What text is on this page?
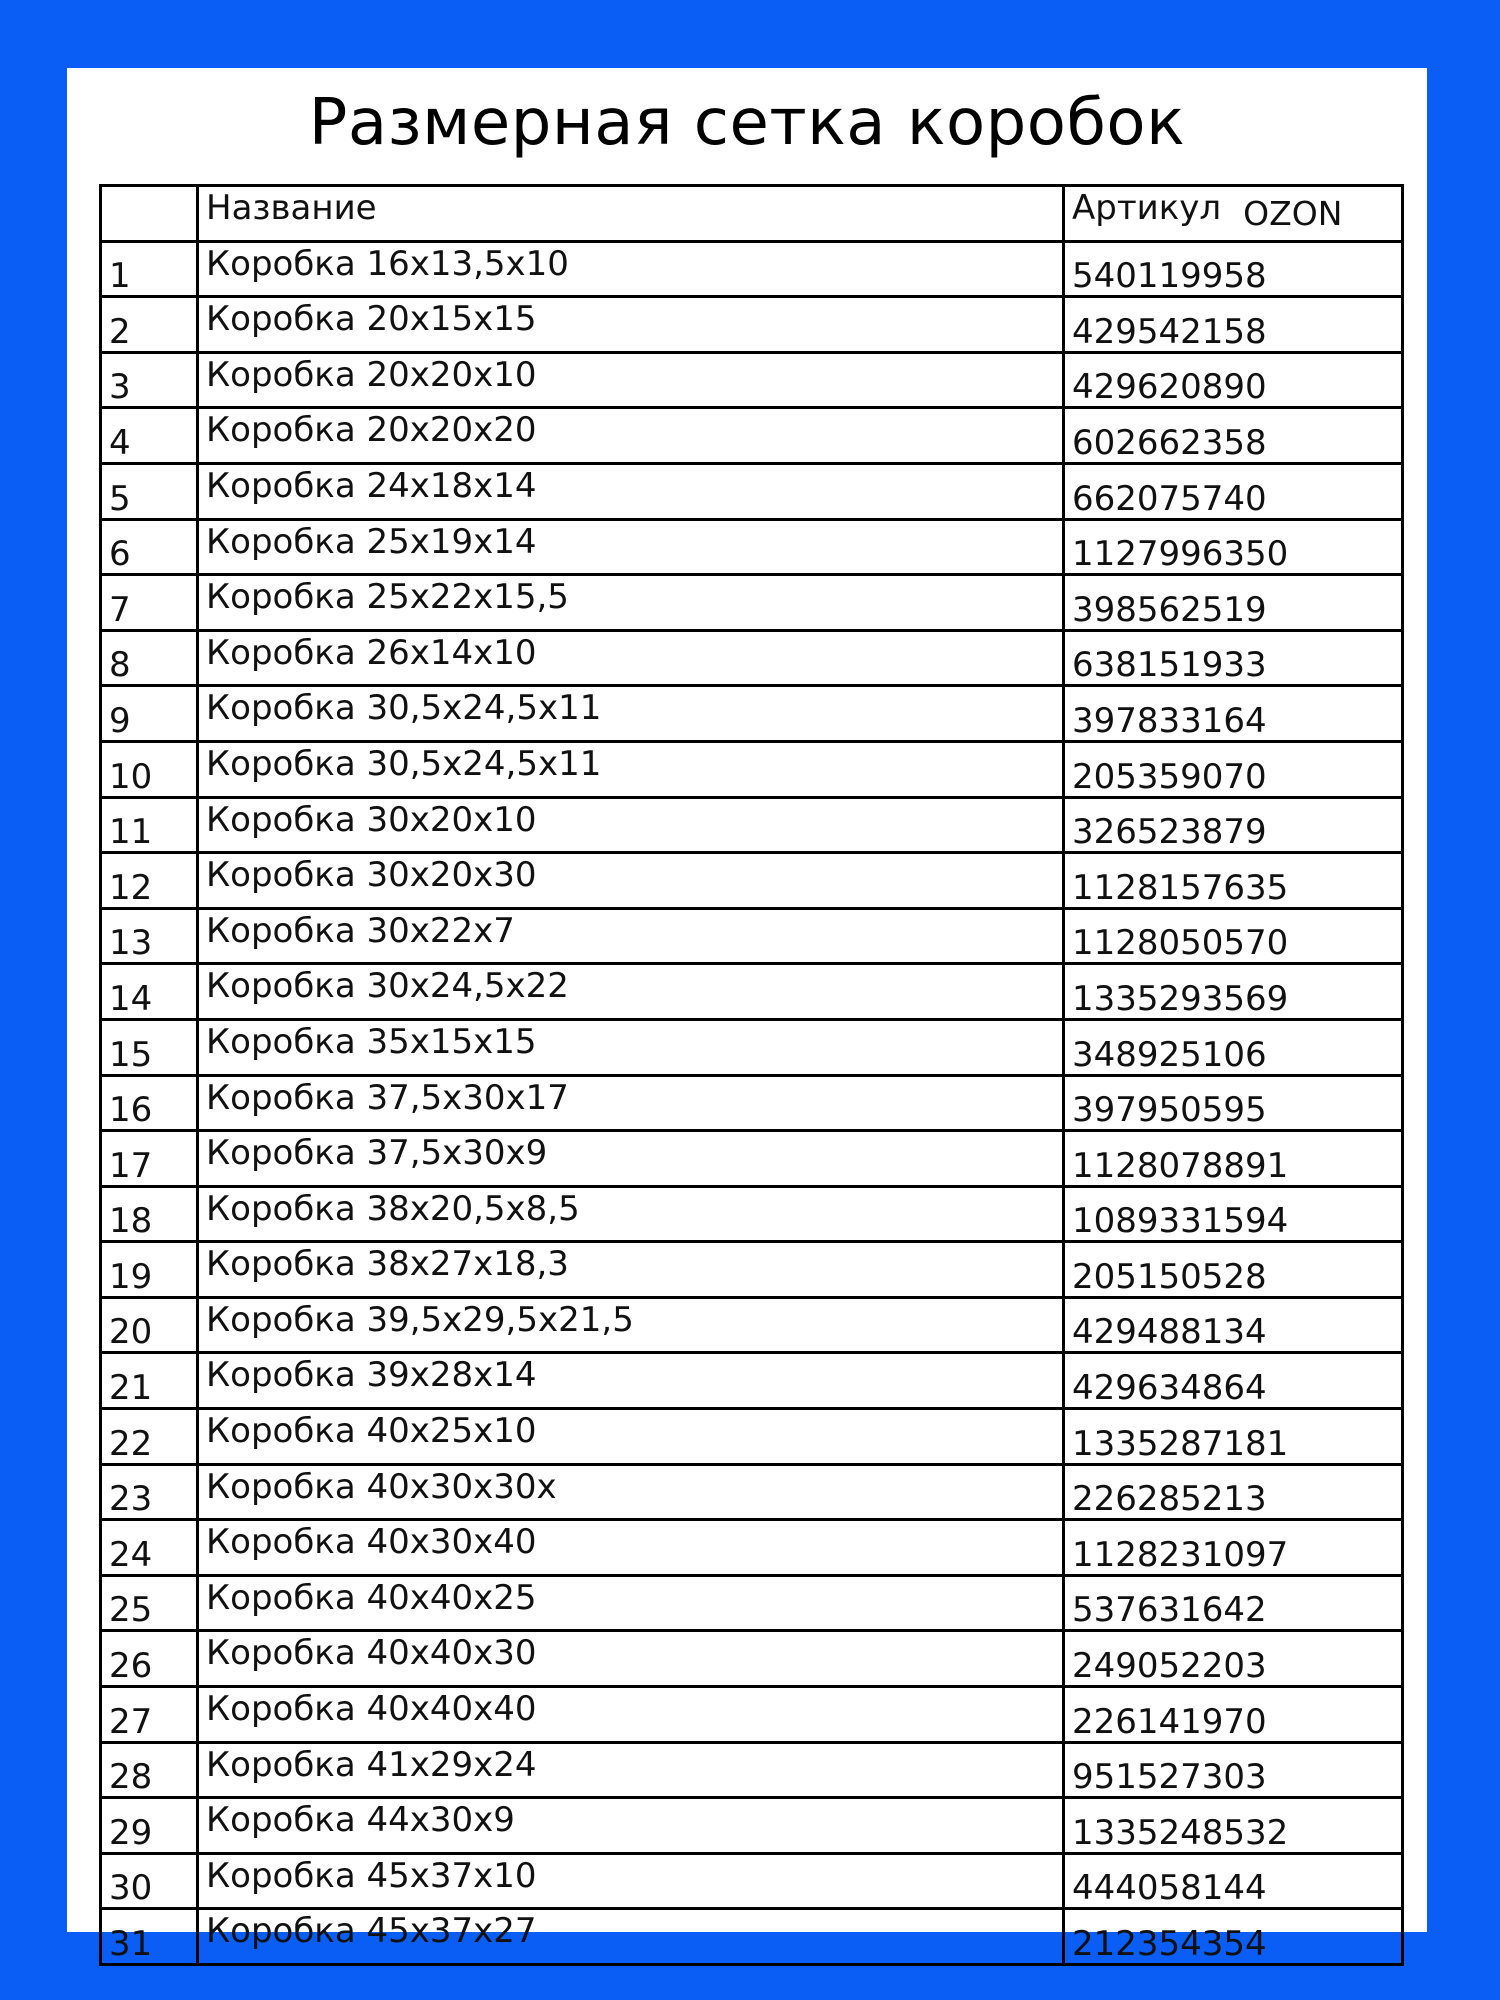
Размерная сетка коробок
	Название	Артикул OZON
1	Коробка 16х13,5х10	540119958
2	Коробка 20х15х15	429542158
3	Коробка 20х20х10	429620890
4	Коробка 20х20х20	602662358
5	Коробка 24х18х14	662075740
6	Коробка 25х19х14	1127996350
7	Коробка 25х22х15,5	398562519
8	Коробка 26х14х10	638151933
9	Коробка 30,5х24,5х11	397833164
10	Коробка 30,5х24,5х11	205359070
11	Коробка 30х20х10	326523879
12	Коробка 30х20х30	1128157635
13	Коробка 30х22х7	1128050570
14	Коробка 30х24,5х22	1335293569
15	Коробка 35х15х15	348925106
16	Коробка 37,5х30х17	397950595
17	Коробка 37,5х30х9	1128078891
18	Коробка 38х20,5х8,5	1089331594
19	Коробка 38х27х18,3	205150528
20	Коробка 39,5х29,5х21,5	429488134
21	Коробка 39х28х14	429634864
22	Коробка 40х25х10	1335287181
23	Коробка 40х30х30х	226285213
24	Коробка 40х30х40	1128231097
25	Коробка 40х40х25	537631642
26	Коробка 40х40х30	249052203
27	Коробка 40х40х40	226141970
28	Коробка 41х29х24	951527303
29	Коробка 44х30х9	1335248532
30	Коробка 45х37х10	444058144
31	Коробка 45х37х27	212354354
